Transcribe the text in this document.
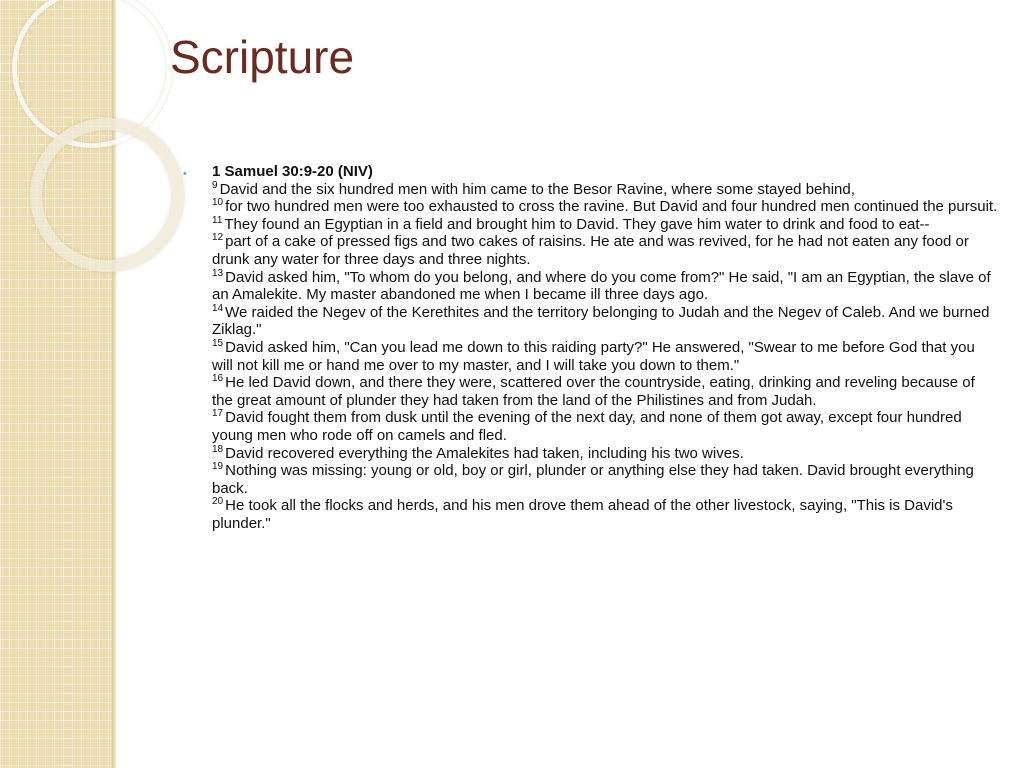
Scripture
• 1 Samuel 30:9-20 (NIV)
$^9$ David and the six hundred men with him came to the Besor Ravine, where some stayed behind,
$^{10}$ for two hundred men were too exhausted to cross the ravine. But David and four hundred men continued the pursuit.
$^{11}$ They found an Egyptian in a field and brought him to David. They gave him water to drink and food to eat--
$^{12}$ part of a cake of pressed figs and two cakes of raisins. He ate and was revived, for he had not eaten any food or drunk any water for three days and three nights.
$^{13}$ David asked him, "To whom do you belong, and where do you come from?" He said, "I am an Egyptian, the slave of an Amalekite. My master abandoned me when I became ill three days ago.
$^{14}$ We raided the Negev of the Kerethites and the territory belonging to Judah and the Negev of Caleb. And we burned Ziklag."
$^{15}$ David asked him, "Can you lead me down to this raiding party?" He answered, "Swear to me before God that you will not kill me or hand me over to my master, and I will take you down to them."
$^{16}$ He led David down, and there they were, scattered over the countryside, eating, drinking and reveling because of the great amount of plunder they had taken from the land of the Philistines and from Judah.
$^{17}$ David fought them from dusk until the evening of the next day, and none of them got away, except four hundred young men who rode off on camels and fled.
$^{18}$ David recovered everything the Amalekites had taken, including his two wives.
$^{19}$ Nothing was missing: young or old, boy or girl, plunder or anything else they had taken. David brought everything back.
$^{20}$ He took all the flocks and herds, and his men drove them ahead of the other livestock, saying, "This is David's plunder."
